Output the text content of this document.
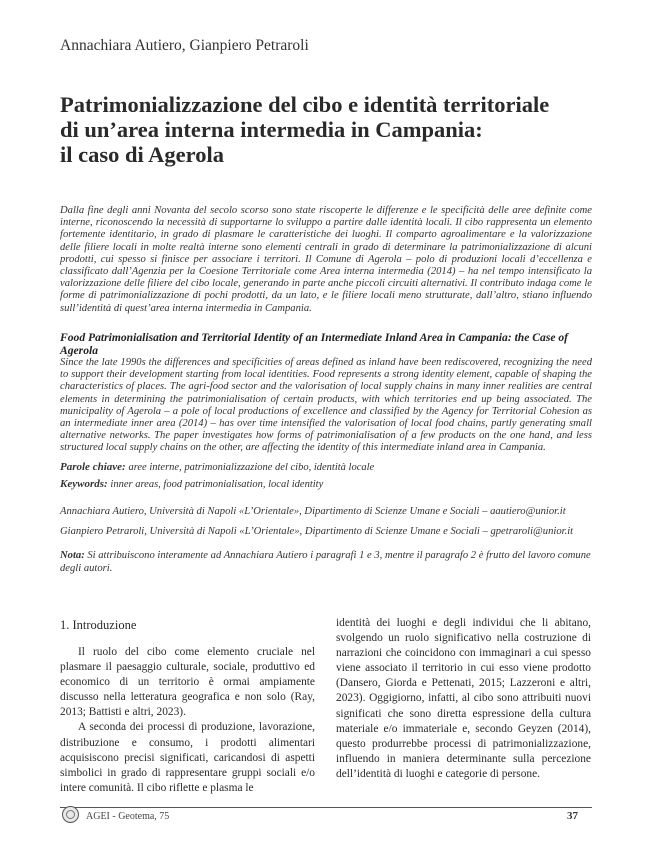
Annachiara Autiero, Gianpiero Petraroli
Patrimonializzazione del cibo e identità territoriale
di un’area interna intermedia in Campania:
il caso di Agerola
Dalla fine degli anni Novanta del secolo scorso sono state riscoperte le differenze e le specificità delle aree definite come interne, riconoscendo la necessità di supportarne lo sviluppo a partire dalle identità locali. Il cibo rappresenta un elemento fortemente identitario, in grado di plasmare le caratteristiche dei luoghi. Il comparto agroalimentare e la valorizzazione delle filiere locali in molte realtà interne sono elementi centrali in grado di determinare la patrimonializzazione di alcuni prodotti, cui spesso si finisce per associare i territori. Il Comune di Agerola – polo di produzioni locali d’eccellenza e classificato dall’Agenzia per la Coesione Territoriale come Area interna intermedia (2014) – ha nel tempo intensificato la valorizzazione delle filiere del cibo locale, generando in parte anche piccoli circuiti alternativi. Il contributo indaga come le forme di patrimonializzazione di pochi prodotti, da un lato, e le filiere locali meno strutturate, dall’altro, stiano influendo sull’identità di quest’area interna intermedia in Campania.
Food Patrimonialisation and Territorial Identity of an Intermediate Inland Area in Campania: the Case of Agerola
Since the late 1990s the differences and specificities of areas defined as inland have been rediscovered, recognizing the need to support their development starting from local identities. Food represents a strong identity element, capable of shaping the characteristics of places. The agri-food sector and the valorisation of local supply chains in many inner realities are central elements in determining the patrimonialisation of certain products, with which territories end up being associated. The municipality of Agerola – a pole of local productions of excellence and classified by the Agency for Territorial Cohesion as an intermediate inner area (2014) – has over time intensified the valorisation of local food chains, partly generating small alternative networks. The paper investigates how forms of patrimonialisation of a few products on the one hand, and less structured local supply chains on the other, are affecting the identity of this intermediate inland area in Campania.
Parole chiave: aree interne, patrimonializzazione del cibo, identità locale
Keywords: inner areas, food patrimonialisation, local identity
Annachiara Autiero, Università di Napoli «L’Orientale», Dipartimento di Scienze Umane e Sociali – aautiero@unior.it
Gianpiero Petraroli, Università di Napoli «L’Orientale», Dipartimento di Scienze Umane e Sociali – gpetraroli@unior.it
Nota: Si attribuiscono interamente ad Annachiara Autiero i paragrafi 1 e 3, mentre il paragrafo 2 è frutto del lavoro comune degli autori.
1. Introduzione

Il ruolo del cibo come elemento cruciale nel plasmare il paesaggio culturale, sociale, produttivo ed economico di un territorio è ormai ampiamente discusso nella letteratura geografica e non solo (Ray, 2013; Battisti e altri, 2023).

A seconda dei processi di produzione, lavorazione, distribuzione e consumo, i prodotti alimentari acquisiscono precisi significati, caricandosi di aspetti simbolici in grado di rappresentare gruppi sociali e/o intere comunità. Il cibo riflette e plasma le

identità dei luoghi e degli individui che li abitano, svolgendo un ruolo significativo nella costruzione di narrazioni che coincidono con immaginari a cui spesso viene associato il territorio in cui esso viene prodotto (Dansero, Giorda e Pettenati, 2015; Lazzeroni e altri, 2023). Oggigiorno, infatti, al cibo sono attribuiti nuovi significati che sono diretta espressione della cultura materiale e/o immateriale e, secondo Geyzen (2014), questo produrrebbe processi di patrimonializzazione, influendo in maniera determinante sulla percezione dell’identità di luoghi e categorie di persone.

AGEI - Geotema, 75	37
